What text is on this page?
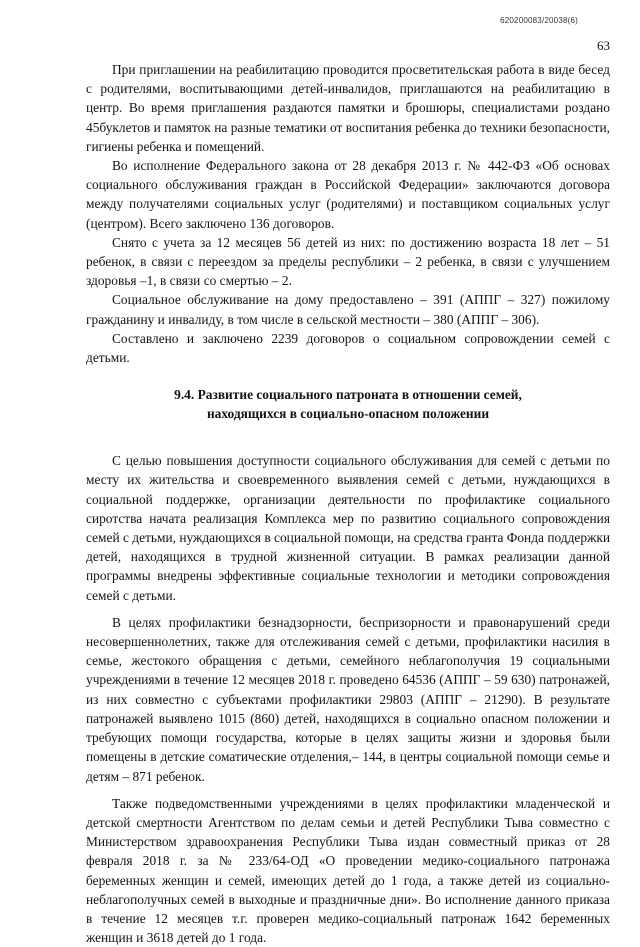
620200083/20038(6)
63

При приглашении на реабилитацию проводится просветительская работа в виде бесед с родителями, воспитывающими детей-инвалидов, приглашаются на реабилитацию в центр. Во время приглашения раздаются памятки и брошюры, специалистами роздано 45буклетов и памяток на разные тематики от воспитания ребенка до техники безопасности, гигиены ребенка и помещений.

Во исполнение Федерального закона от 28 декабря 2013 г. № 442-ФЗ «Об основах социального обслуживания граждан в Российской Федерации» заключаются договора между получателями социальных услуг (родителями) и поставщиком социальных услуг (центром). Всего заключено 136 договоров.

Снято с учета за 12 месяцев 56 детей из них: по достижению возраста 18 лет – 51 ребенок, в связи с переездом за пределы республики – 2 ребенка, в связи с улучшением здоровья –1, в связи со смертью – 2.

Социальное обслуживание на дому предоставлено – 391 (АППГ – 327) пожилому гражданину и инвалиду, в том числе в сельской местности – 380 (АППГ – 306).

Составлено и заключено 2239 договоров о социальном сопровождении семей с детьми.

9.4. Развитие социального патроната в отношении семей,
находящихся в социально-опасном положении

С целью повышения доступности социального обслуживания для семей с детьми по месту их жительства и своевременного выявления семей с детьми, нуждающихся в социальной поддержке, организации деятельности по профилактике социального сиротства начата реализация Комплекса мер по развитию социального сопровождения семей с детьми, нуждающихся в социальной помощи, на средства гранта Фонда поддержки детей, находящихся в трудной жизненной ситуации. В рамках реализации данной программы внедрены эффективные социальные технологии и методики сопровождения семей с детьми.

В целях профилактики безнадзорности, беспризорности и правонарушений среди несовершеннолетних, также для отслеживания семей с детьми, профилактики насилия в семье, жестокого обращения с детьми, семейного неблагополучия 19 социальными учреждениями в течение 12 месяцев 2018 г. проведено 64536 (АППГ – 59 630) патронажей, из них совместно с субъектами профилактики 29803 (АППГ – 21290). В результате патронажей выявлено 1015 (860) детей, находящихся в социально опасном положении и требующих помощи государства, которые в целях защиты жизни и здоровья были помещены в детские соматические отделения,– 144, в центры социальной помощи семье и детям – 871 ребенок.

Также подведомственными учреждениями в целях профилактики младенческой и детской смертности Агентством по делам семьи и детей Республики Тыва совместно с Министерством здравоохранения Республики Тыва издан совместный приказ от 28 февраля 2018 г. за № 233/64-ОД «О проведении медико-социального патронажа беременных женщин и семей, имеющих детей до 1 года, а также детей из социально-неблагополучных семей в выходные и праздничные дни». Во исполнение данного приказа в течение 12 месяцев т.г. проверен медико-социальный патронаж 1642 беременных женщин и 3618 детей до 1 года.
